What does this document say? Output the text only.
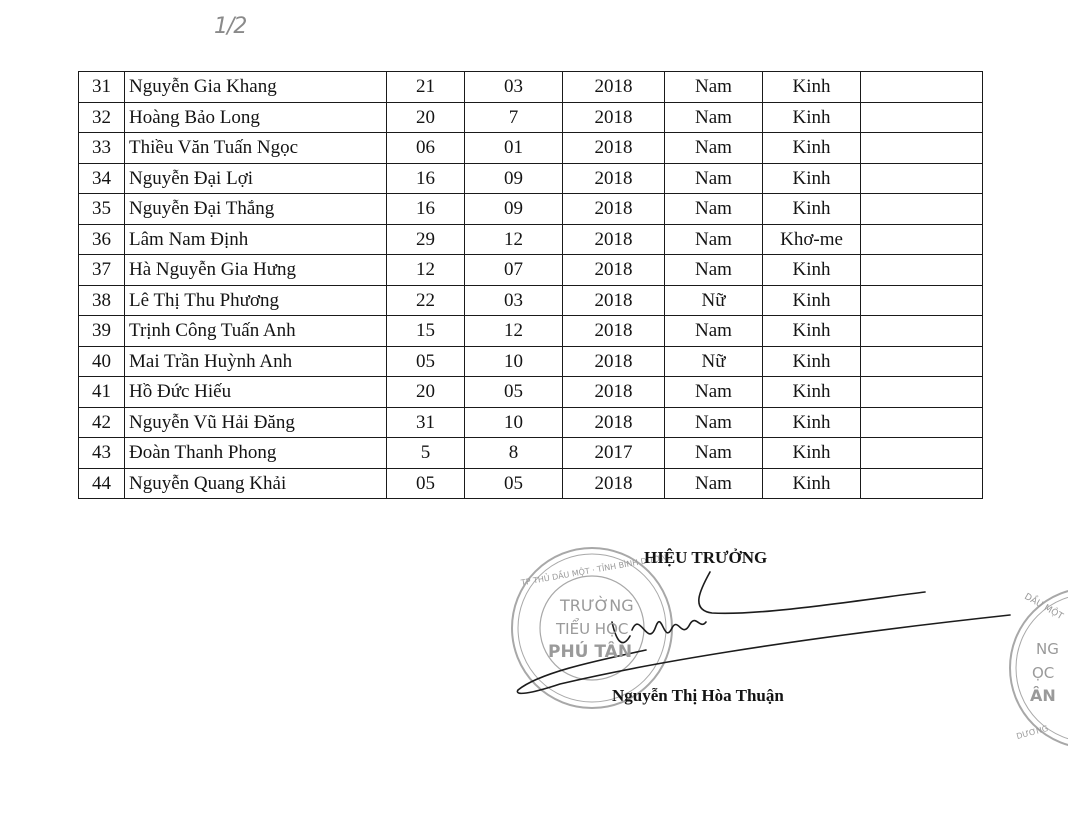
1/2
31	Nguyễn Gia Khang	21	03	2018	Nam	Kinh	
32	Hoàng Bảo Long	20	7	2018	Nam	Kinh	
33	Thiều Văn Tuấn Ngọc	06	01	2018	Nam	Kinh	
34	Nguyễn Đại Lợi	16	09	2018	Nam	Kinh	
35	Nguyễn Đại Thắng	16	09	2018	Nam	Kinh	
36	Lâm Nam Định	29	12	2018	Nam	Khơ-me	
37	Hà Nguyễn Gia Hưng	12	07	2018	Nam	Kinh	
38	Lê Thị Thu Phương	22	03	2018	Nữ	Kinh	
39	Trịnh Công Tuấn Anh	15	12	2018	Nam	Kinh	
40	Mai Trần Huỳnh Anh	05	10	2018	Nữ	Kinh	
41	Hồ Đức Hiếu	20	05	2018	Nam	Kinh	
42	Nguyễn Vũ Hải Đăng	31	10	2018	Nam	Kinh	
43	Đoàn Thanh Phong	5	8	2017	Nam	Kinh	
44	Nguyễn Quang Khải	05	05	2018	Nam	Kinh	
TP THỦ DẦU MỘT · TỈNH BÌNH DƯƠNG
TRƯỜNG
TIỂU HỌC
PHÚ TÂN
DẦU MỘT
NG
ỌC
ÂN
DƯƠNG
HIỆU TRƯỞNG
Nguyễn Thị Hòa Thuận
